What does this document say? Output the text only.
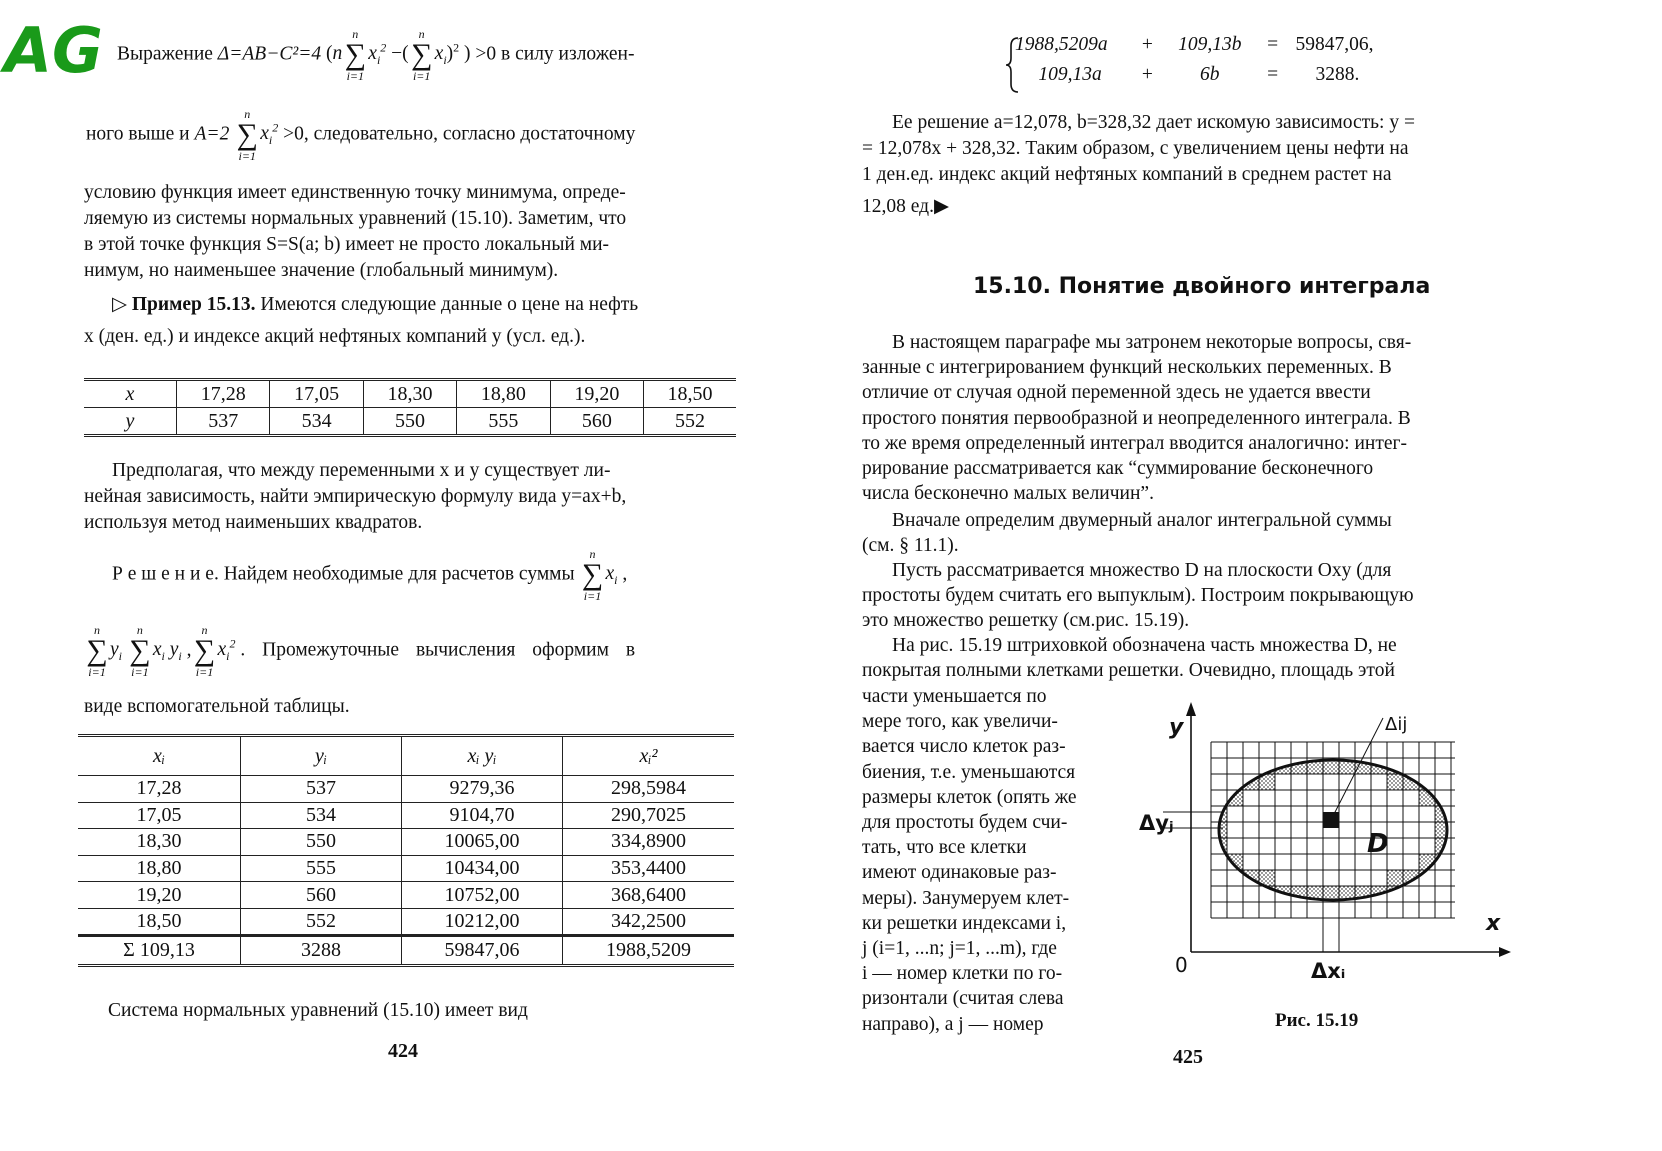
AG Выражение Δ=AB−C²=4 (n
n
∑
i=1
$x_i^2$ −(
n
∑
i=1
$x_i)^2$ ) >0 в силу изложен-
ного выше и A=2
n
∑
i=1
$x_i^2 >0$, следовательно, согласно достаточному
условию функция имеет единственную точку минимума, опреде-
ляемую из системы нормальных уравнений (15.10). Заметим, что
в этой точке функция S=S(a; b) имеет не просто локальный ми-
нимум, но наименьшее значение (глобальный минимум).
▷ Пример 15.13. Имеются следующие данные о цене на нефть
x (ден. ед.) и индексе акций нефтяных компаний y (усл. ед.).
x	17,28	17,05	18,30	18,80	19,20	18,50
y	537	534	550	555	560	552
Предполагая, что между переменными x и y существует ли-
нейная зависимость, найти эмпирическую формулу вида y=ax+b,
используя метод наименьших квадратов.
Р е ш е н и е. Найдем необходимые для расчетов суммы
n
∑
i=1
$x_i$ ,
n
∑
i=1
$y_i$
n
∑
i=1
$x_i$ $y_i$ ,
n
∑
i=1
$x_i^2$ . Промежуточные вычисления оформим в
виде вспомогательной таблицы.
xᵢ	yᵢ	xᵢ yᵢ	xᵢ²
17,28	537	9279,36	298,5984
17,05	534	9104,70	290,7025
18,30	550	10065,00	334,8900
18,80	555	10434,00	353,4400
19,20	560	10752,00	368,6400
18,50	552	10212,00	342,2500
Σ 109,13	3288	59847,06	1988,5209
Система нормальных уравнений (15.10) имеет вид
424
1988,5209a + 109,13b = 59847,06,
109,13a + 6b = 3288.
Ее решение a=12,078, b=328,32 дает искомую зависимость: y =
= 12,078x + 328,32. Таким образом, с увеличением цены нефти на
1 ден.ед. индекс акций нефтяных компаний в среднем растет на
12,08 ед.▶
15.10. Понятие двойного интеграла
В настоящем параграфе мы затронем некоторые вопросы, свя-
занные с интегрированием функций нескольких переменных. В
отличие от случая одной переменной здесь не удается ввести
простого понятия первообразной и неопределенного интеграла. В
то же время определенный интеграл вводится аналогично: интег-
рирование рассматривается как “суммирование бесконечного
числа бесконечно малых величин”.
Вначале определим двумерный аналог интегральной суммы
(см. § 11.1).
Пусть рассматривается множество D на плоскости Oxy (для
простоты будем считать его выпуклым). Построим покрывающую
это множество решетку (см.рис. 15.19).
На рис. 15.19 штриховкой обозначена часть множества D, не
покрытая полными клетками решетки. Очевидно, площадь этой
части уменьшается по
мере того, как увеличи-
вается число клеток раз-
биения, т.е. уменьшаются
размеры клеток (опять же
для простоты будем счи-
тать, что все клетки
имеют одинаковые раз-
меры). Занумеруем клет-
ки решетки индексами i,
j (i=1, ...n; j=1, ...m), где
i — номер клетки по го-
ризонтали (считая слева
направо), а j — номер
y
x
0
Δyⱼ
Δxᵢ
Δij
D
Рис. 15.19
425
